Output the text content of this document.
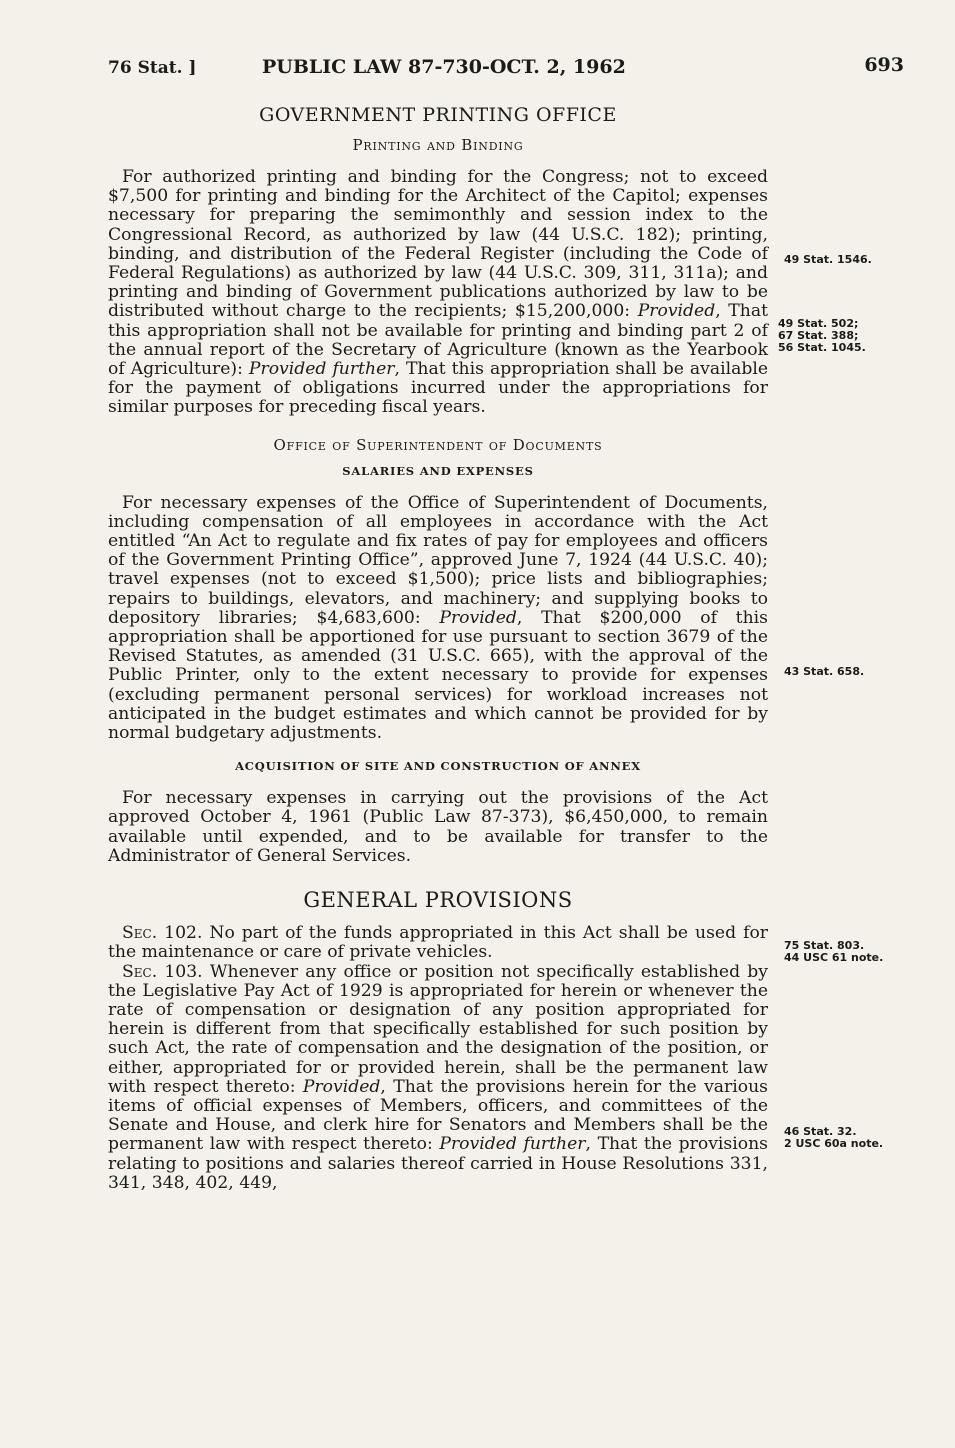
76 Stat. ]	PUBLIC LAW 87-730-OCT. 2, 1962	693
GOVERNMENT PRINTING OFFICE
Printing and Binding

For authorized printing and binding for the Congress; not to exceed $7,500 for printing and binding for the Architect of the Capitol; expenses necessary for preparing the semimonthly and session index to the Congressional Record, as authorized by law (44 U.S.C. 182); printing, binding, and distribution of the Federal Register (including the Code of Federal Regulations) as authorized by law (44 U.S.C. 309, 311, 311a); and printing and binding of Government publications authorized by law to be distributed without charge to the recipients; $15,200,000: Provided, That this appropriation shall not be available for printing and binding part 2 of the annual report of the Secretary of Agriculture (known as the Yearbook of Agriculture): Provided further, That this appropriation shall be available for the payment of obligations incurred under the appropriations for similar purposes for preceding fiscal years.

Office of Superintendent of Documents
SALARIES AND EXPENSES

For necessary expenses of the Office of Superintendent of Documents, including compensation of all employees in accordance with the Act entitled “An Act to regulate and fix rates of pay for employees and officers of the Government Printing Office”, approved June 7, 1924 (44 U.S.C. 40); travel expenses (not to exceed $1,500); price lists and bibliographies; repairs to buildings, elevators, and machinery; and supplying books to depository libraries; $4,683,600: Provided, That $200,000 of this appropriation shall be apportioned for use pursuant to section 3679 of the Revised Statutes, as amended (31 U.S.C. 665), with the approval of the Public Printer, only to the extent necessary to provide for expenses (excluding permanent personal services) for workload increases not anticipated in the budget estimates and which cannot be provided for by normal budgetary adjustments.

ACQUISITION OF SITE AND CONSTRUCTION OF ANNEX

For necessary expenses in carrying out the provisions of the Act approved October 4, 1961 (Public Law 87-373), $6,450,000, to remain available until expended, and to be available for transfer to the Administrator of General Services.

GENERAL PROVISIONS

Sec. 102. No part of the funds appropriated in this Act shall be used for the maintenance or care of private vehicles.

Sec. 103. Whenever any office or position not specifically established by the Legislative Pay Act of 1929 is appropriated for herein or whenever the rate of compensation or designation of any position appropriated for herein is different from that specifically established for such position by such Act, the rate of compensation and the designation of the position, or either, appropriated for or provided herein, shall be the permanent law with respect thereto: Provided, That the provisions herein for the various items of official expenses of Members, officers, and committees of the Senate and House, and clerk hire for Senators and Members shall be the permanent law with respect thereto: Provided further, That the provisions relating to positions and salaries thereof carried in House Resolutions 331, 341, 348, 402, 449,

49 Stat. 1546.
49 Stat. 502;
67 Stat. 388;
56 Stat. 1045.
43 Stat. 658.
75 Stat. 803.
44 USC 61 note.
46 Stat. 32.
2 USC 60a note.
